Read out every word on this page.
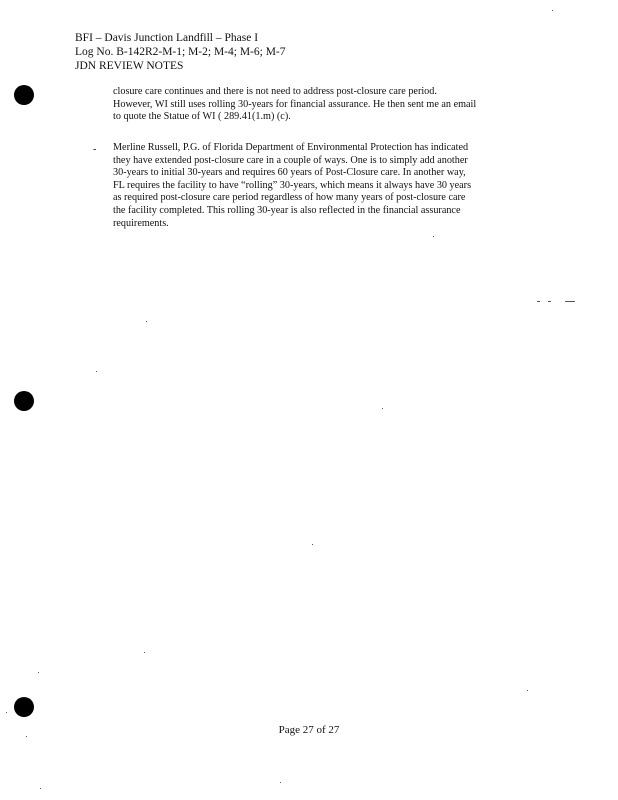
BFI – Davis Junction Landfill – Phase I
Log No. B-142R2-M-1; M-2; M-4; M-6; M-7
JDN REVIEW NOTES
closure care continues and there is not need to address post-closure care period.
However, WI still uses rolling 30-years for financial assurance. He then sent me an email
to quote the Statue of WI ( 289.41(1.m) (c).
- Merline Russell, P.G. of Florida Department of Environmental Protection has indicated
they have extended post-closure care in a couple of ways. One is to simply add another
30-years to initial 30-years and requires 60 years of Post-Closure care. In another way,
FL requires the facility to have “rolling” 30-years, which means it always have 30 years
as required post-closure care period regardless of how many years of post-closure care
the facility completed. This rolling 30-year is also reflected in the financial assurance
requirements.
Page 27 of 27
